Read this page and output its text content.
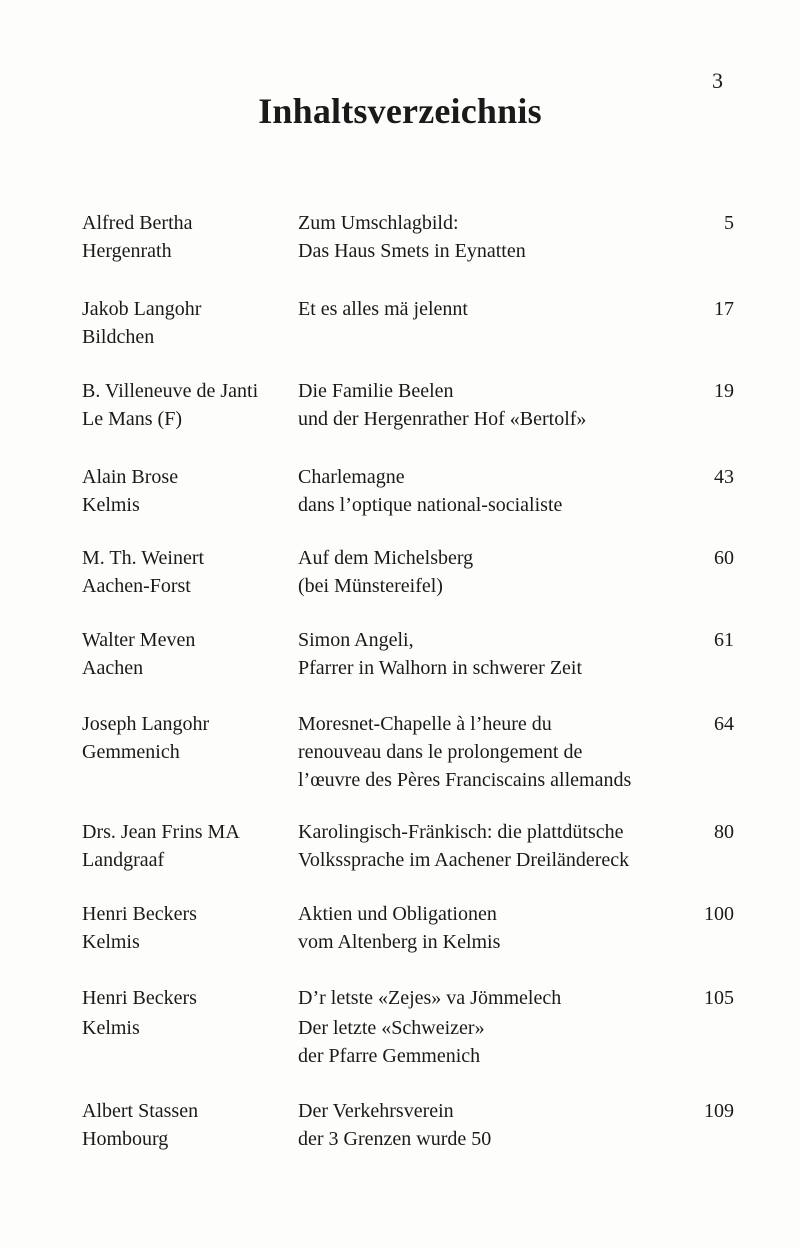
3
Inhaltsverzeichnis
Alfred Bertha
Hergenrath
Zum Umschlagbild:
Das Haus Smets in Eynatten
5
Jakob Langohr
Bildchen
Et es alles mä jelennt	17
B. Villeneuve de Janti
Le Mans (F)
Die Familie Beelen
und der Hergenrather Hof «Bertolf»
19
Alain Brose
Kelmis
Charlemagne
dans l’optique national-socialiste
43
M. Th. Weinert
Aachen-Forst
Auf dem Michelsberg
(bei Münstereifel)
60
Walter Meven
Aachen
Simon Angeli,
Pfarrer in Walhorn in schwerer Zeit
61
Joseph Langohr
Gemmenich
Moresnet-Chapelle à l’heure du
renouveau dans le prolongement de
l’œuvre des Pères Franciscains allemands
64
Drs. Jean Frins MA
Landgraaf
Karolingisch-Fränkisch: die plattdütsche
Volkssprache im Aachener Dreiländereck
80
Henri Beckers
Kelmis
Aktien und Obligationen
vom Altenberg in Kelmis
100
Henri Beckers
Kelmis
D’r letste «Zejes» va Jömmelech
Der letzte «Schweizer»
der Pfarre Gemmenich
105
Albert Stassen
Hombourg
Der Verkehrsverein
der 3 Grenzen wurde 50
109
